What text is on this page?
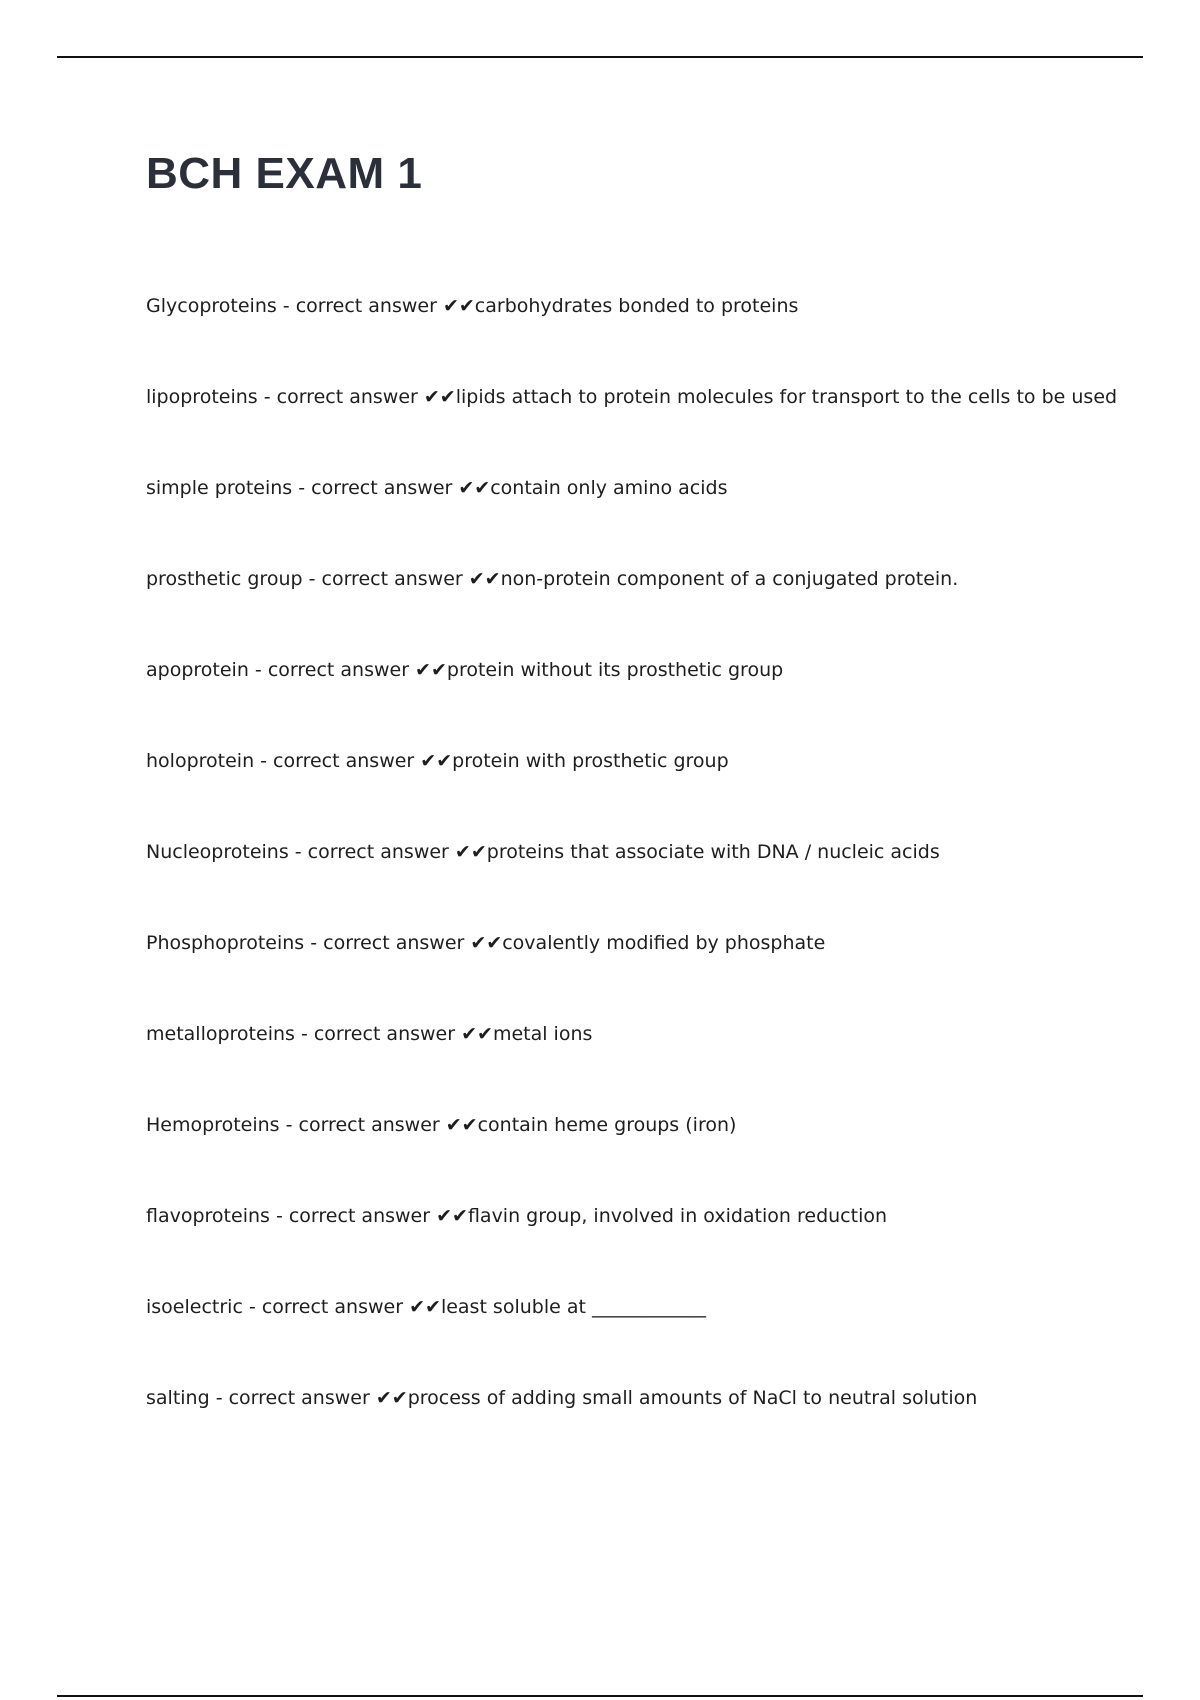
BCH EXAM 1
Glycoproteins - correct answer ✔✔carbohydrates bonded to proteins
lipoproteins - correct answer ✔✔lipids attach to protein molecules for transport to the cells to be used
simple proteins - correct answer ✔✔contain only amino acids
prosthetic group - correct answer ✔✔non-protein component of a conjugated protein.
apoprotein - correct answer ✔✔protein without its prosthetic group
holoprotein - correct answer ✔✔protein with prosthetic group
Nucleoproteins - correct answer ✔✔proteins that associate with DNA / nucleic acids
Phosphoproteins - correct answer ✔✔covalently modified by phosphate
metalloproteins - correct answer ✔✔metal ions
Hemoproteins - correct answer ✔✔contain heme groups (iron)
flavoproteins - correct answer ✔✔flavin group, involved in oxidation reduction
isoelectric - correct answer ✔✔least soluble at ____________
salting - correct answer ✔✔process of adding small amounts of NaCl to neutral solution
